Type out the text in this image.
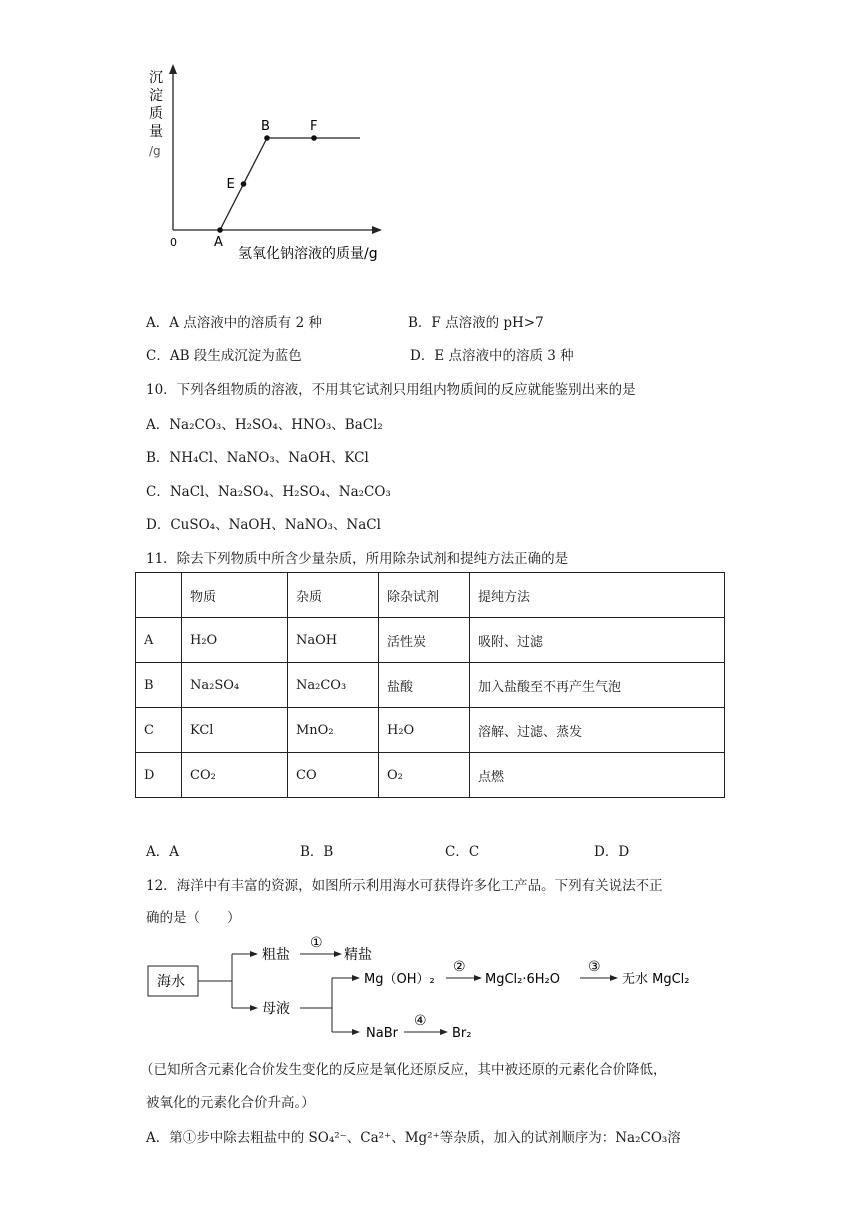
沉
淀
质
量
/g
0
氢氧化钠溶液的质量/g
A
E
B	F
A．A 点溶液中的溶质有 2 种	B．F 点溶液的 pH>7
C．AB 段生成沉淀为蓝色	D．E 点溶液中的溶质 3 种
10．下列各组物质的溶液，不用其它试剂只用组内物质间的反应就能鉴别出来的是
A．Na₂CO₃、H₂SO₄、HNO₃、BaCl₂
B．NH₄Cl、NaNO₃、NaOH、KCl
C．NaCl、Na₂SO₄、H₂SO₄、Na₂CO₃
D．CuSO₄、NaOH、NaNO₃、NaCl
11．除去下列物质中所含少量杂质，所用除杂试剂和提纯方法正确的是
	物质	杂质	除杂试剂	提纯方法
A	H₂O	NaOH	活性炭	吸附、过滤
B	Na₂SO₄	Na₂CO₃	盐酸	加入盐酸至不再产生气泡
C	KCl	MnO₂	H₂O	溶解、过滤、蒸发
D	CO₂	CO	O₂	点燃
A．A	B．B	C．C	D．D
12．海洋中有丰富的资源，如图所示利用海水可获得许多化工产品。下列有关说法不正
确的是（　　）
海水
粗盐
①
精盐
母液
Mg（OH）₂
②
MgCl₂·6H₂O
③
无水 MgCl₂
NaBr
④
Br₂
（已知所含元素化合价发生变化的反应是氧化还原反应，其中被还原的元素化合价降低，
被氧化的元素化合价升高。）
A．第①步中除去粗盐中的 SO₄²⁻、Ca²⁺、Mg²⁺等杂质，加入的试剂顺序为：Na₂CO₃溶
